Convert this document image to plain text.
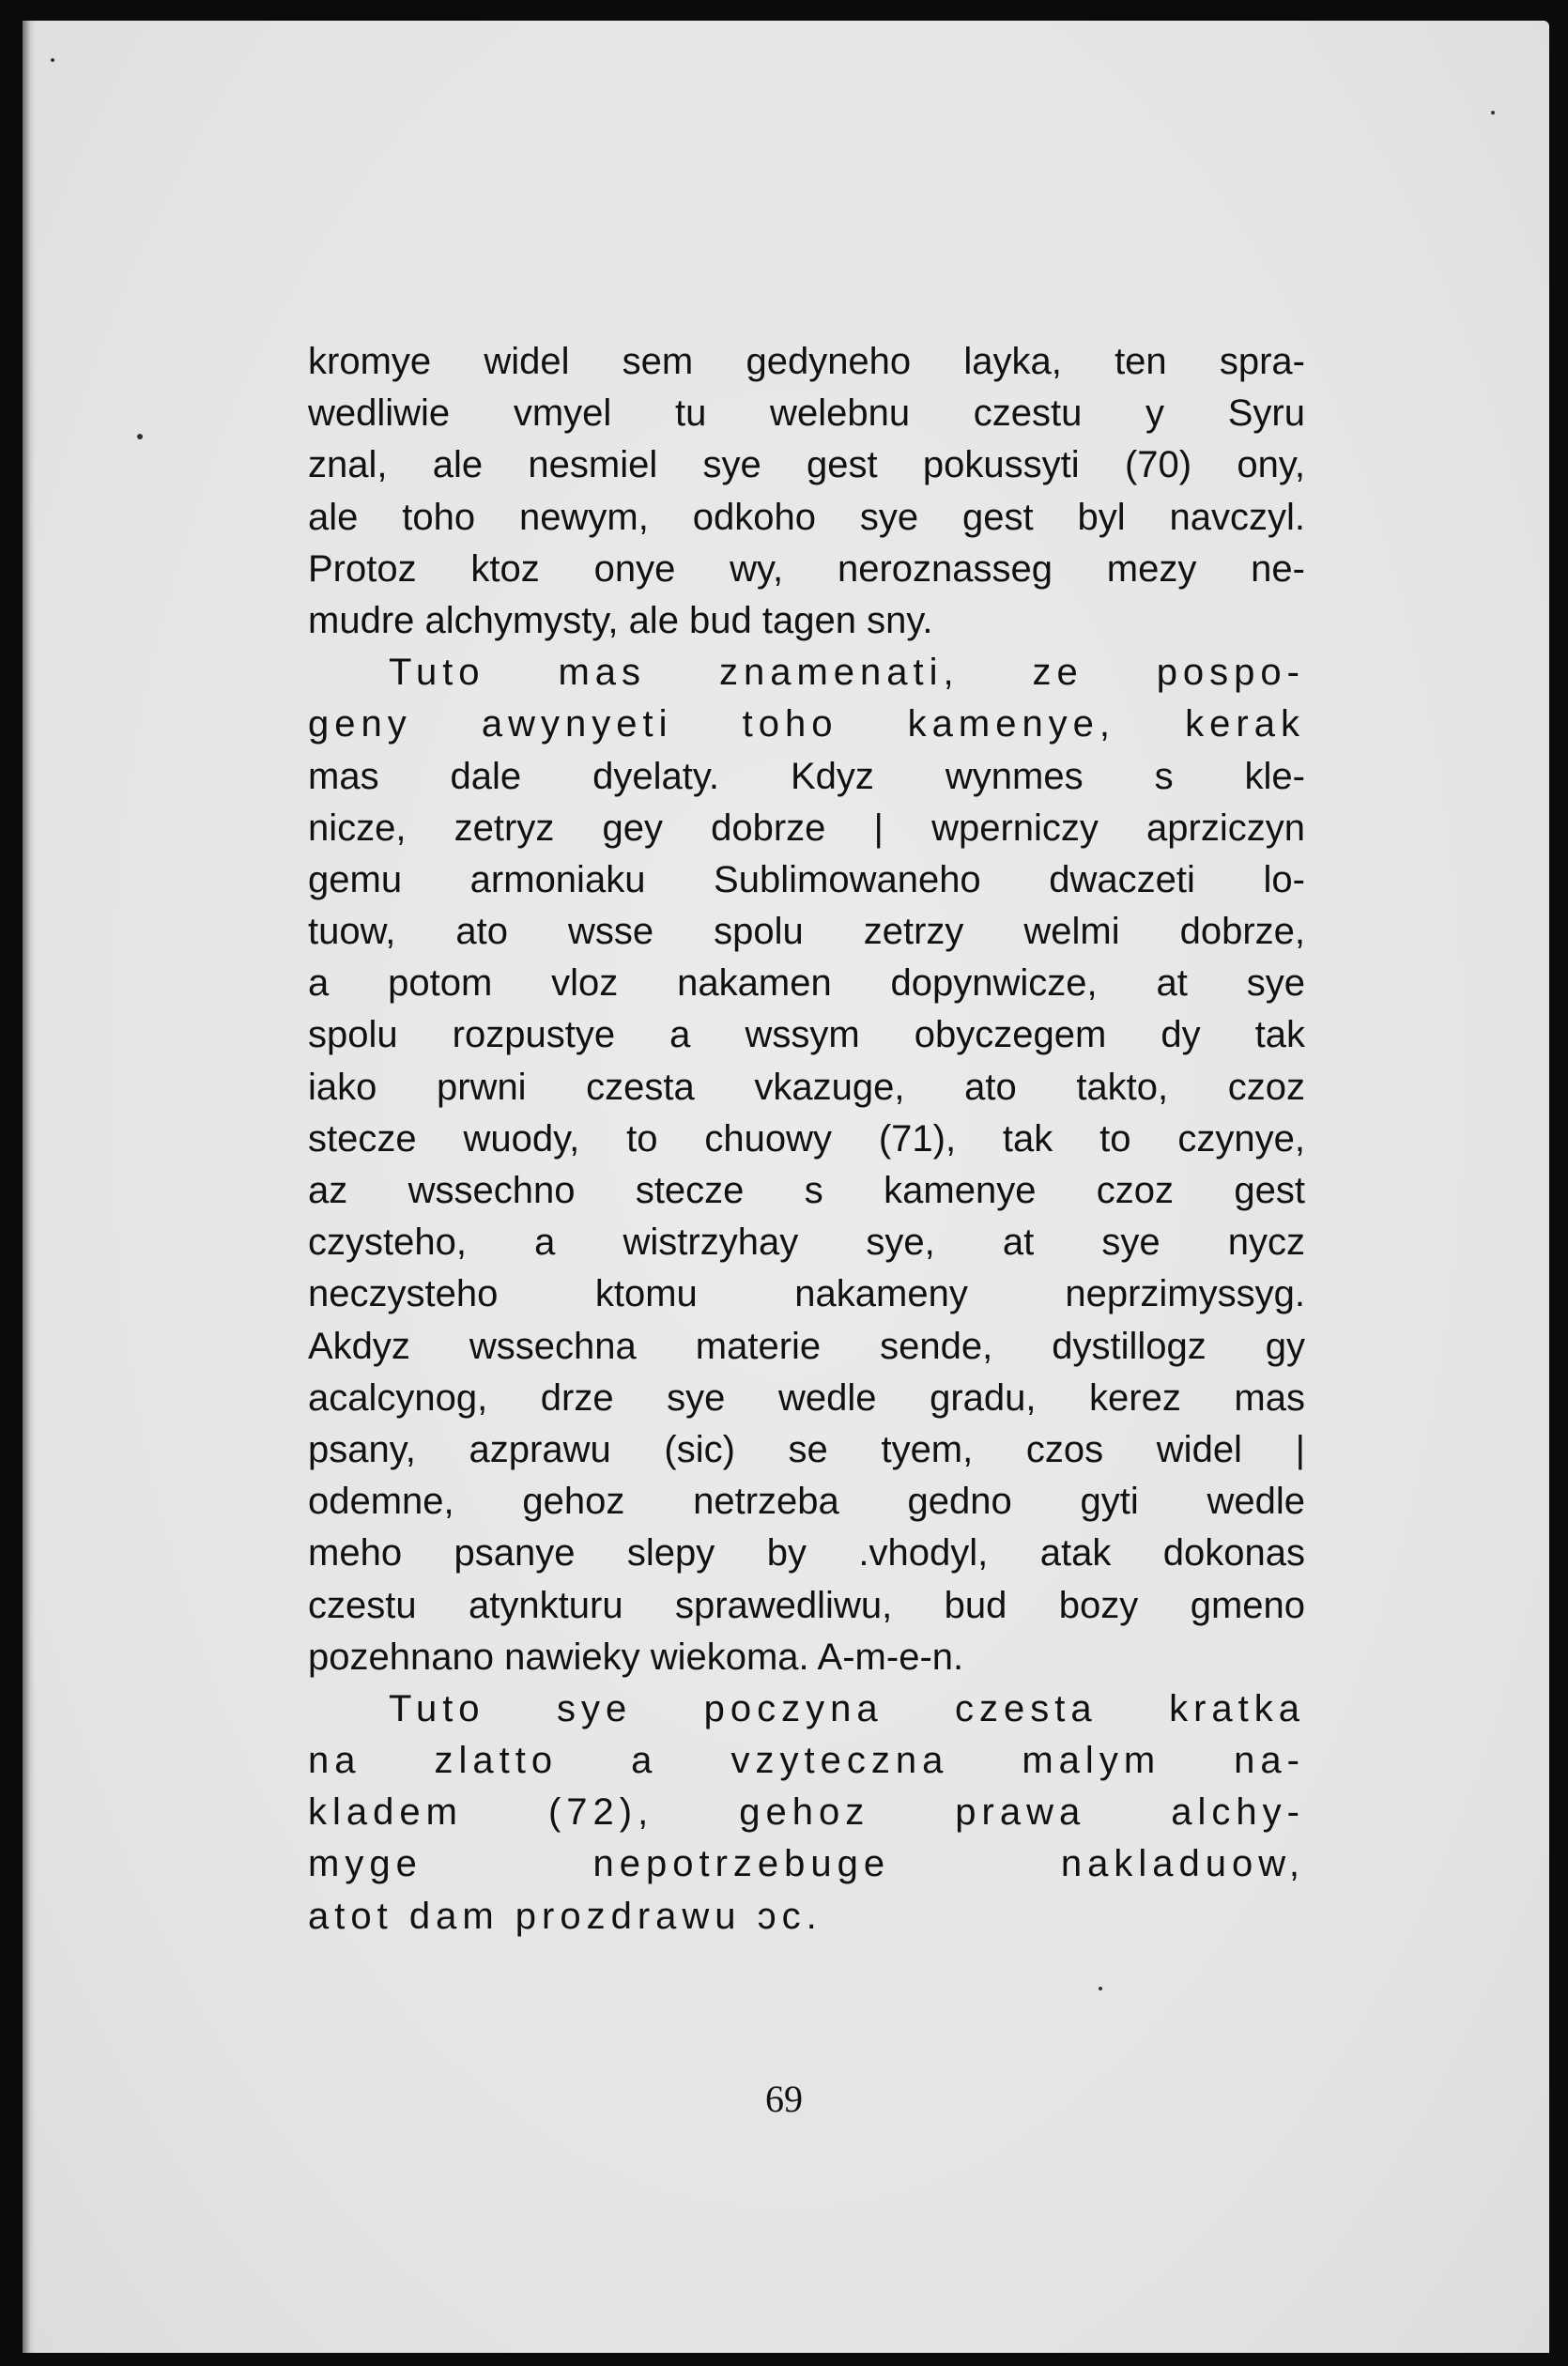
kromye widel sem gedyneho layka, ten spra-
wedliwie vmyel tu welebnu czestu y Syru
znal, ale nesmiel sye gest pokussyti (70) ony,
ale toho newym, odkoho sye gest byl navczyl.
Protoz ktoz onye wy, neroznasseg mezy ne-
mudre alchymysty, ale bud tagen sny.
Tuto mas znamenati, ze pospo-
geny awynyeti toho kamenye, kerak
mas dale dyelaty. Kdyz wynmes s kle-
nicze, zetryz gey dobrze | wperniczy aprziczyn
gemu armoniaku Sublimowaneho dwaczeti lo-
tuow, ato wsse spolu zetrzy welmi dobrze,
a potom vloz nakamen dopynwicze, at sye
spolu rozpustye a wssym obyczegem dy tak
iako prwni czesta vkazuge, ato takto, czoz
stecze wuody, to chuowy (71), tak to czynye,
az wssechno stecze s kamenye czoz gest
czysteho, a wistrzyhay sye, at sye nycz
neczysteho ktomu nakameny neprzimyssyg.
Akdyz wssechna materie sende, dystillogz gy
acalcynog, drze sye wedle gradu, kerez mas
psany, azprawu (sic) se tyem, czos widel |
odemne, gehoz netrzeba gedno gyti wedle
meho psanye slepy by .vhodyl, atak dokonas
czestu atynkturu sprawedliwu, bud bozy gmeno
pozehnano nawieky wiekoma. A-m-e-n.
Tuto sye poczyna czesta kratka
na zlatto a vzyteczna malym na-
kladem (72), gehoz prawa alchy-
myge nepotrzebuge nakladuow,
atot dam prozdrawu ɔc.
69
